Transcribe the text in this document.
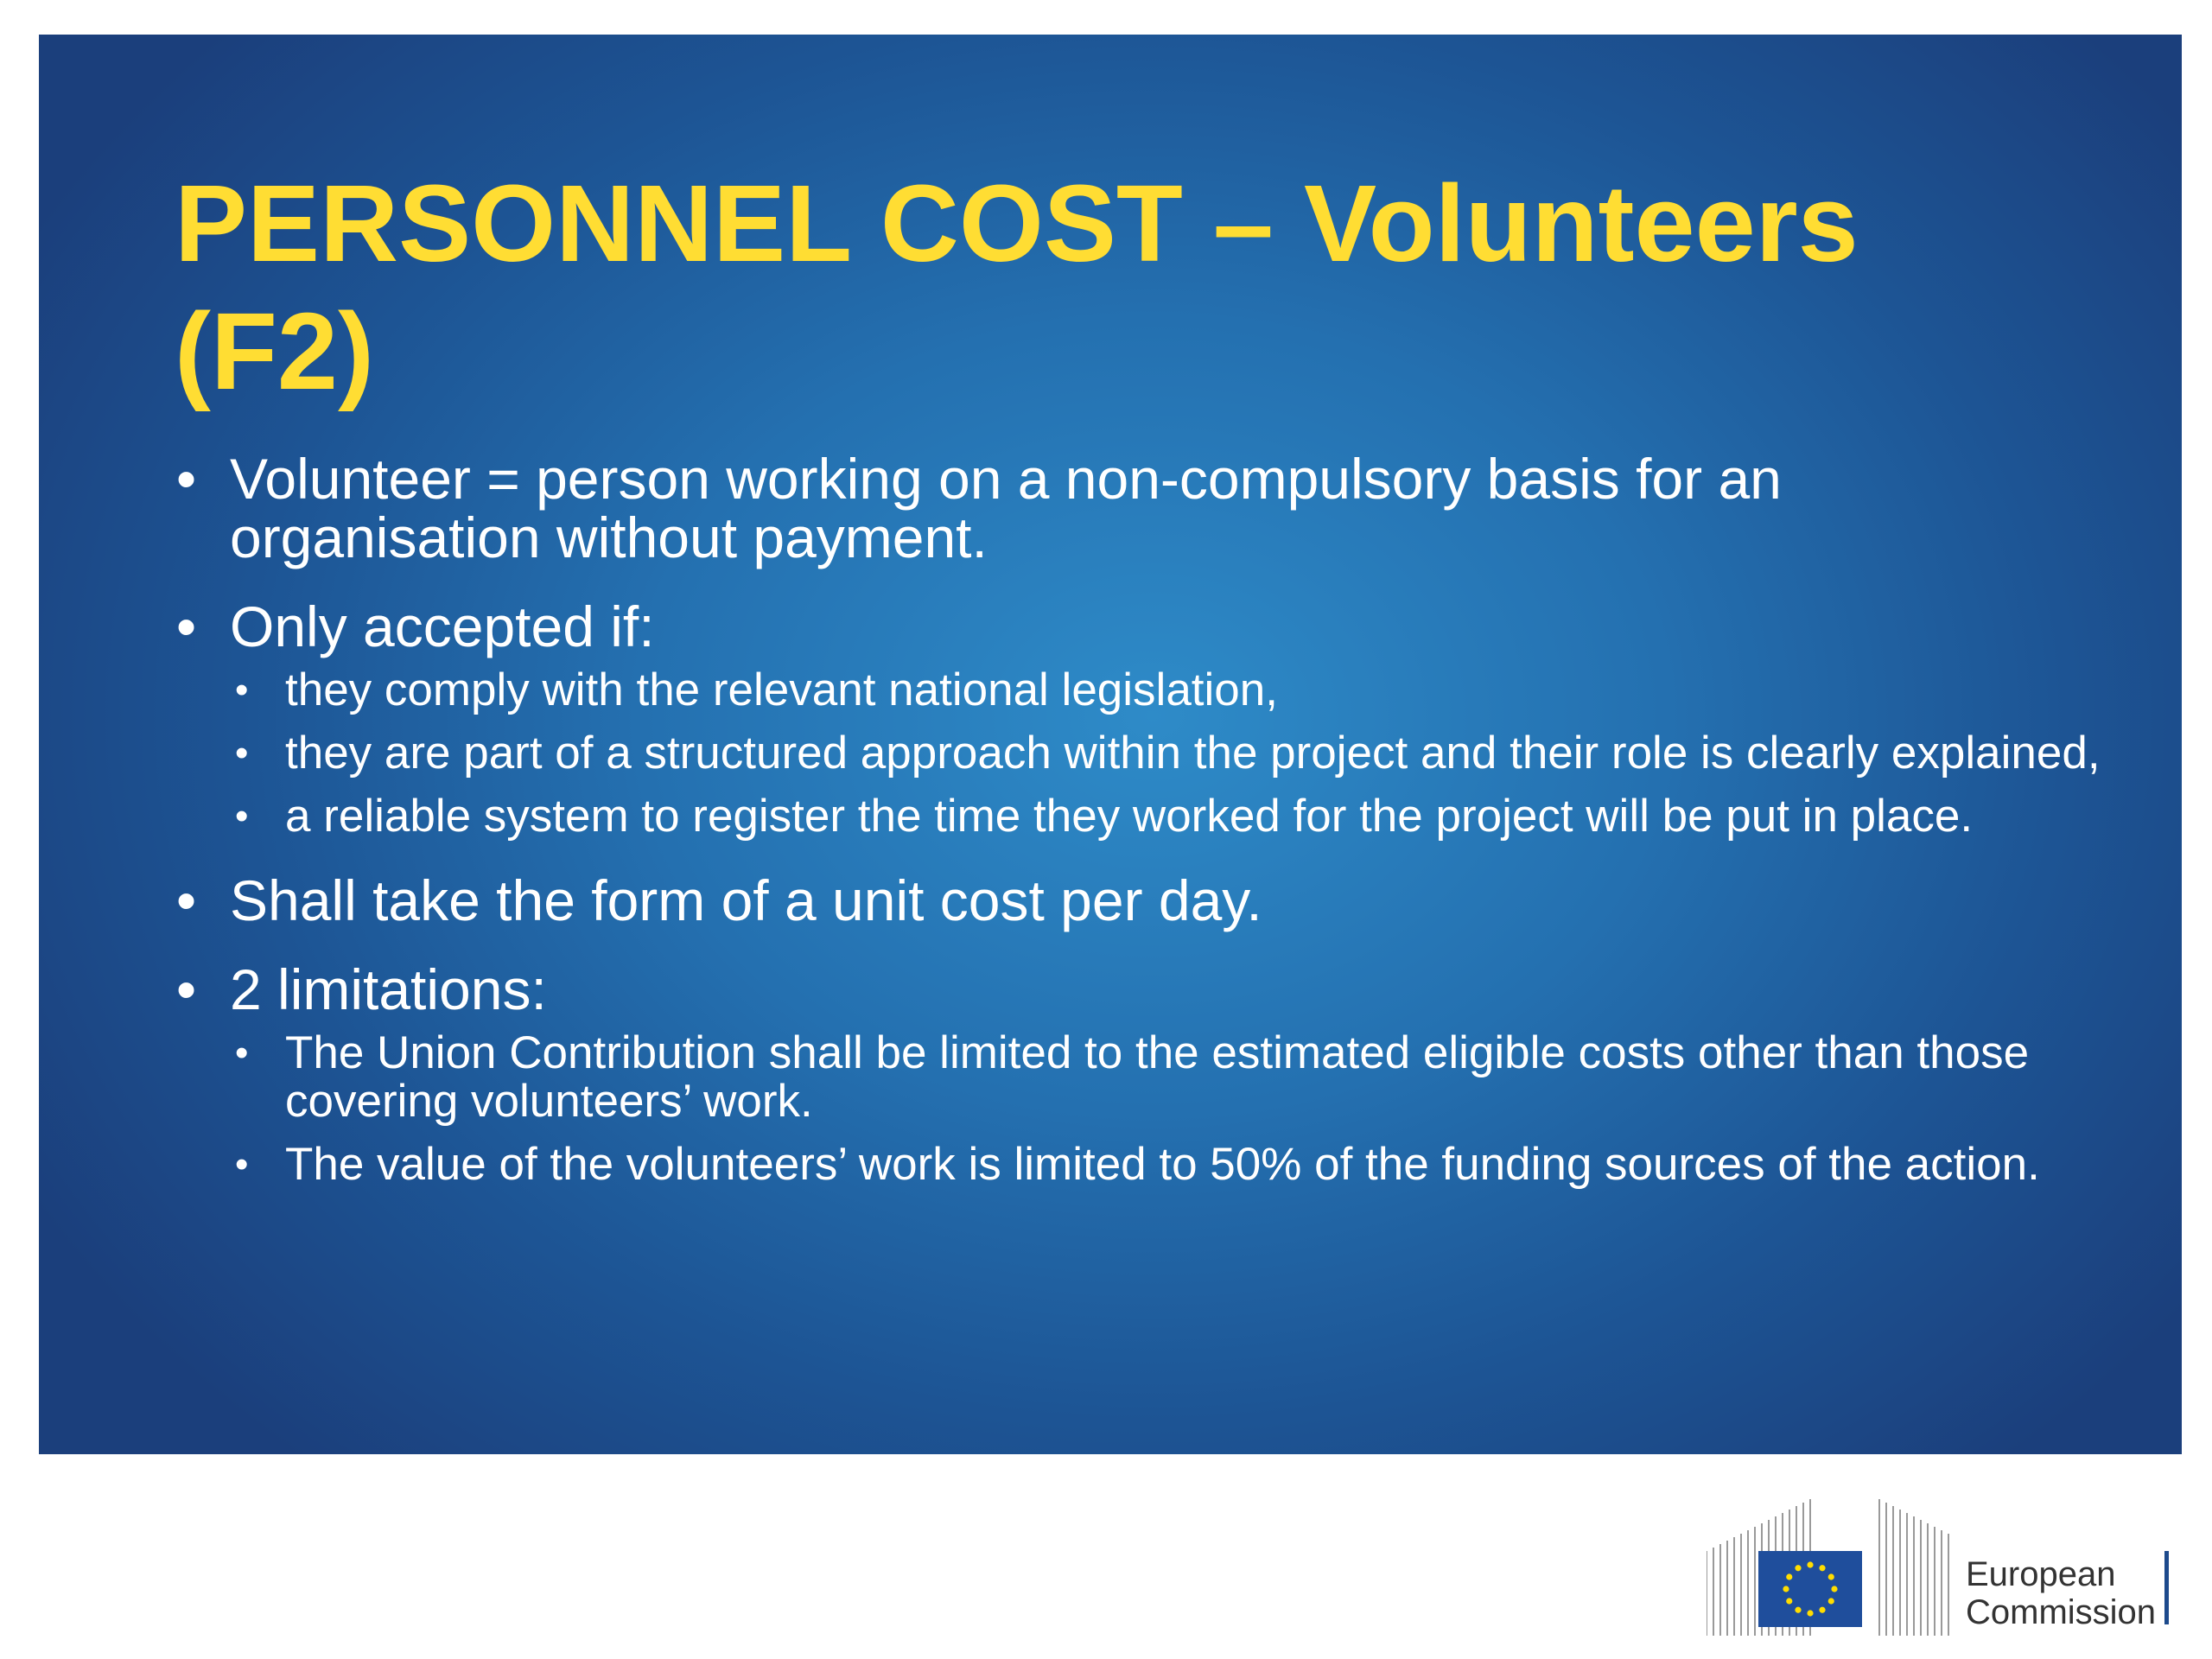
PERSONNEL COST – Volunteers (F2)
• Volunteer = person working on a non-compulsory basis for an organisation without payment.
• Only accepted if:
• they comply with the relevant national legislation,
• they are part of a structured approach within the project and their role is clearly explained,
• a reliable system to register the time they worked for the project will be put in place.
• Shall take the form of a unit cost per day.
• 2 limitations:
• The Union Contribution shall be limited to the estimated eligible costs other than those covering volunteers’ work.
• The value of the volunteers’ work is limited to 50% of the funding sources of the action.
European
Commission
